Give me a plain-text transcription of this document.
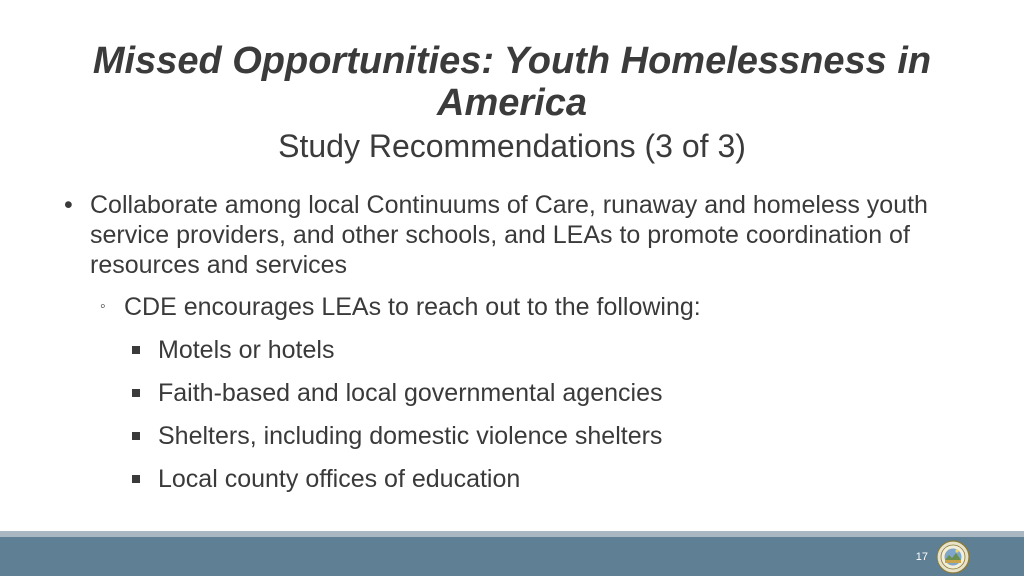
Missed Opportunities: Youth Homelessness in America
Study Recommendations (3 of 3)
• Collaborate among local Continuums of Care, runaway and homeless youth service providers, and other schools, and LEAs to promote coordination of resources and services
◦ CDE encourages LEAs to reach out to the following:
Motels or hotels
Faith-based and local governmental agencies
Shelters, including domestic violence shelters
Local county offices of education
17
